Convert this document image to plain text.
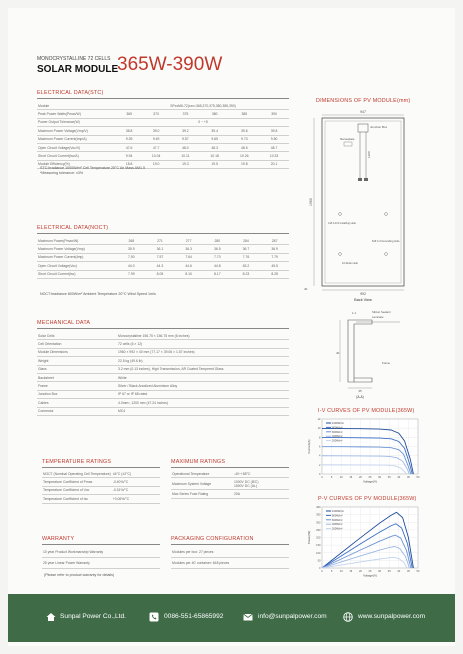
MONOCRYSTALLINE 72 CELLS
SOLAR MODULE
365W-390W
ELECTRICAL DATA(STC)
Module	SPxxM6-72(xxx=365,370,375,380,385,390)					
Peak Power Watts(Pmax/W)	365	370	375	380	385	390
Power Output Tolerance(W)	0 ~ +5					
Maximum Power Voltage(Vmp/V)	38.8	39.0	39.2	39.4	39.6	39.8
Maximum Power Current(Imp/A)	9.39	9.49	9.57	9.65	9.73	9.80
Open Circuit Voltage(Voc/V)	47.6	47.7	48.0	48.3	48.5	48.7
Short Circuit Current(Isc/A)	9.94	10.04	10.11	10.18	10.26	10.33
Module Efficiency(%)	18.8	19.0	19.3	19.5	19.8	20.1
STC:Irradiance 1000W/m² Cell Temperature 25°C Air Mass AM1.5
*Measuring tolerance: ±3%
ELECTRICAL DATA(NOCT)
Maximum Power(Pmax/W)	268	271	277	280	284	287
Maximum Power Voltage(Vmp)	35.9	36.1	36.3	36.5	36.7	36.9
Maximum Power Current(Imp)	7.50	7.57	7.64	7.70	7.76	7.79
Open Circuit Voltage(Voc)	44.0	44.3	44.6	44.8	45.2	45.5
Short Circuit Current(Isc)	7.99	8.05	8.10	8.17	8.23	8.28
NOCT:Irradiance 800W/m² Ambient Temperature 20°C Wind Speed 1m/s
MECHANICAL DATA
Solar Cells	Monocrystalline 156.75 × 156.75 mm (6 inches)
Cell Orientation	72 cells (6 × 12)
Module Dimensions	1960 × 992 × 40 mm (77.17 × 39.06 × 1.57 inches)
Weight	22.5 kg (49.6 lb)
Glass	3.2 mm (0.13 inches), High Transmission, AR Coated Tempered Glass
Backsheet	White
Frame	Silver / Black Anodized Aluminium Alloy
Junction Box	IP 67 or IP 68 rated
Cables	4.0mm², 1200 mm (47.24 inches)
Connector	MC4
TEMPERATURE RATINGS
NOCT (Nominal Operating Cell Temperature)	44°C (±2°C)
Temperature Coefficient of Pmax	-0.40%/°C
Temperature Coefficient of Voc	-0.31%/°C
Temperature Coefficient of Isc	+0.06%/°C
MAXIMUM RATINGS
Operational Temperature	-40~+85°C
Maximum System Voltage	1000V DC (IEC)
1500V DC (UL)
Max Series Fuse Rating	20A
WARRANTY
10 year Product Workmanship Warranty
25 year Linear Power Warranty
(Please refer to product warranty for details)
PACKAGING CONFIGURATION
Modules per box: 27 pieces
Modules per 40' container: 648 pieces
DIMENSIONS OF PV MODULE(mm)
947
Junction Box
Nameplate
1200
1960
4-Ø 14×9 Installing Hole
8-Ø 4.3 Grounding Hole
10-Drain Hole
40
992
Back View
1.1	Silicon Sealant
Laminate
40
Frame
35
(A-A)
I-V CURVES OF PV MODULE(365W)
0
2
4
6
8
10
12
0	5	10	15	20	25	30	35	40	45	50
1000W/m²
800W/m²
600W/m²
400W/m²
200W/m²
Voltage(V)
Current(A)
P-V CURVES OF PV MODULE(365W)
0
50
100
150
200
250
300
350
400
0	5	10	15	20	25	30	35	40	45	50
1000W/m²
800W/m²
600W/m²
400W/m²
200W/m²
Voltage(V)
Power(W)
Sunpal Power Co.,Ltd.	0086-551-65865992	info@sunpalpower.com	www.sunpalpower.com
